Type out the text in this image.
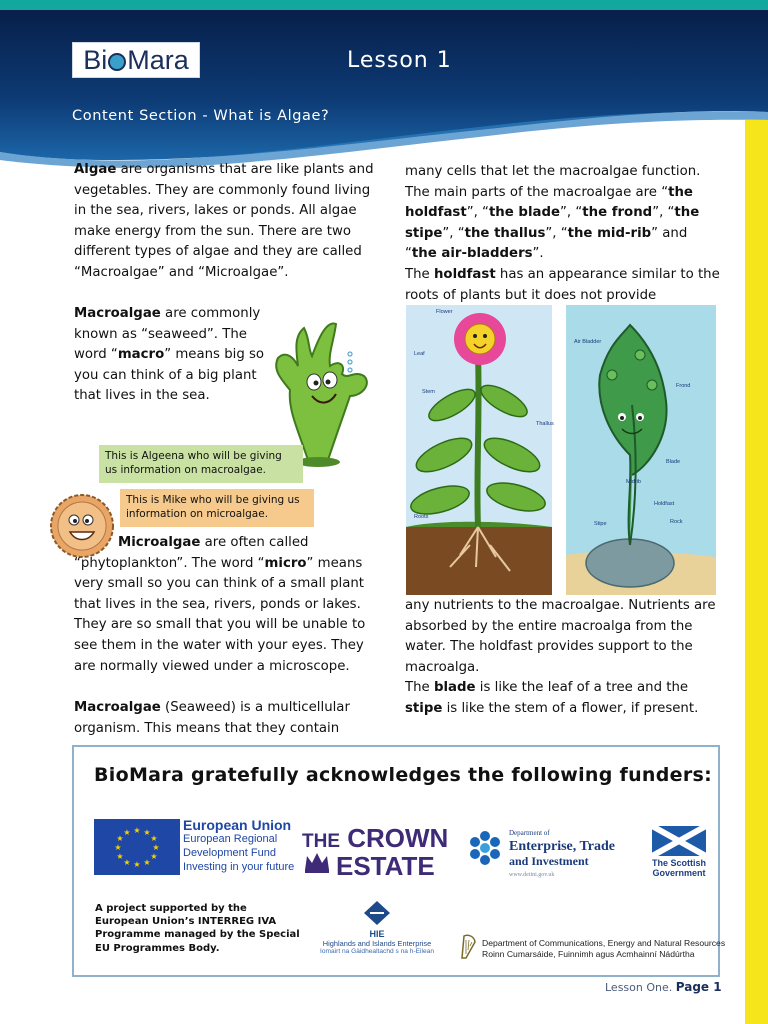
Bi Mara	Lesson 1
Content Section - What is Algae?
Algae are organisms that are like plants and vegetables. They are commonly found living in the sea, rivers, lakes or ponds. All algae make energy from the sun. There are two different types of algae and they are called “Macroalgae” and “Microalgae”.
Macroalgae are commonly known as “seaweed”. The word “macro” means big so you can think of a big plant that lives in the sea.
This is Algeena who will be giving us information on macroalgae.
This is Mike who will be giving us information on microalgae.
Microalgae are often called “phytoplankton”. The word “micro” means very small so you can think of a small plant that lives in the sea, rivers, ponds or lakes. They are so small that you will be unable to see them in the water with your eyes. They are normally viewed under a microscope.
Macroalgae (Seaweed) is a multicellular organism. This means that they contain
many cells that let the macroalgae function. The main parts of the macroalgae are “the holdfast”, “the blade”, “the frond”, “the stipe”, “the thallus”, “the mid-rib” and “the air-bladders”.
The holdfast has an appearance similar to the roots of plants but it does not provide
Flower
Leaf
Stem
Roots
Air Bladder
Frond
Thallus
Blade
Midrib
Holdfast
Stipe	Rock
any nutrients to the macroalgae. Nutrients are absorbed by the entire macroalga from the water. The holdfast provides support to the macroalga.
The blade is like the leaf of a tree and the stipe is like the stem of a flower, if present.
BioMara gratefully acknowledges the following funders:
★ ★
★
★
★
★
★
★
★
★
★
★	European Union
European Regional
Development Fund
Investing in your future
THE CROWN
ESTATE
Department of
Enterprise, Trade
and Investment
www.detini.gov.uk
The Scottish
Government
A project supported by the European Union’s INTERREG IVA Programme managed by the Special EU Programmes Body.
HIE
Highlands and Islands Enterprise
Iomairt na Gàidhealtachd s na h-Eilean
Department of Communications, Energy and Natural Resources
Roinn Cumarsáide, Fuinnimh agus Acmhainní Nádúrtha
Lesson One. Page 1
